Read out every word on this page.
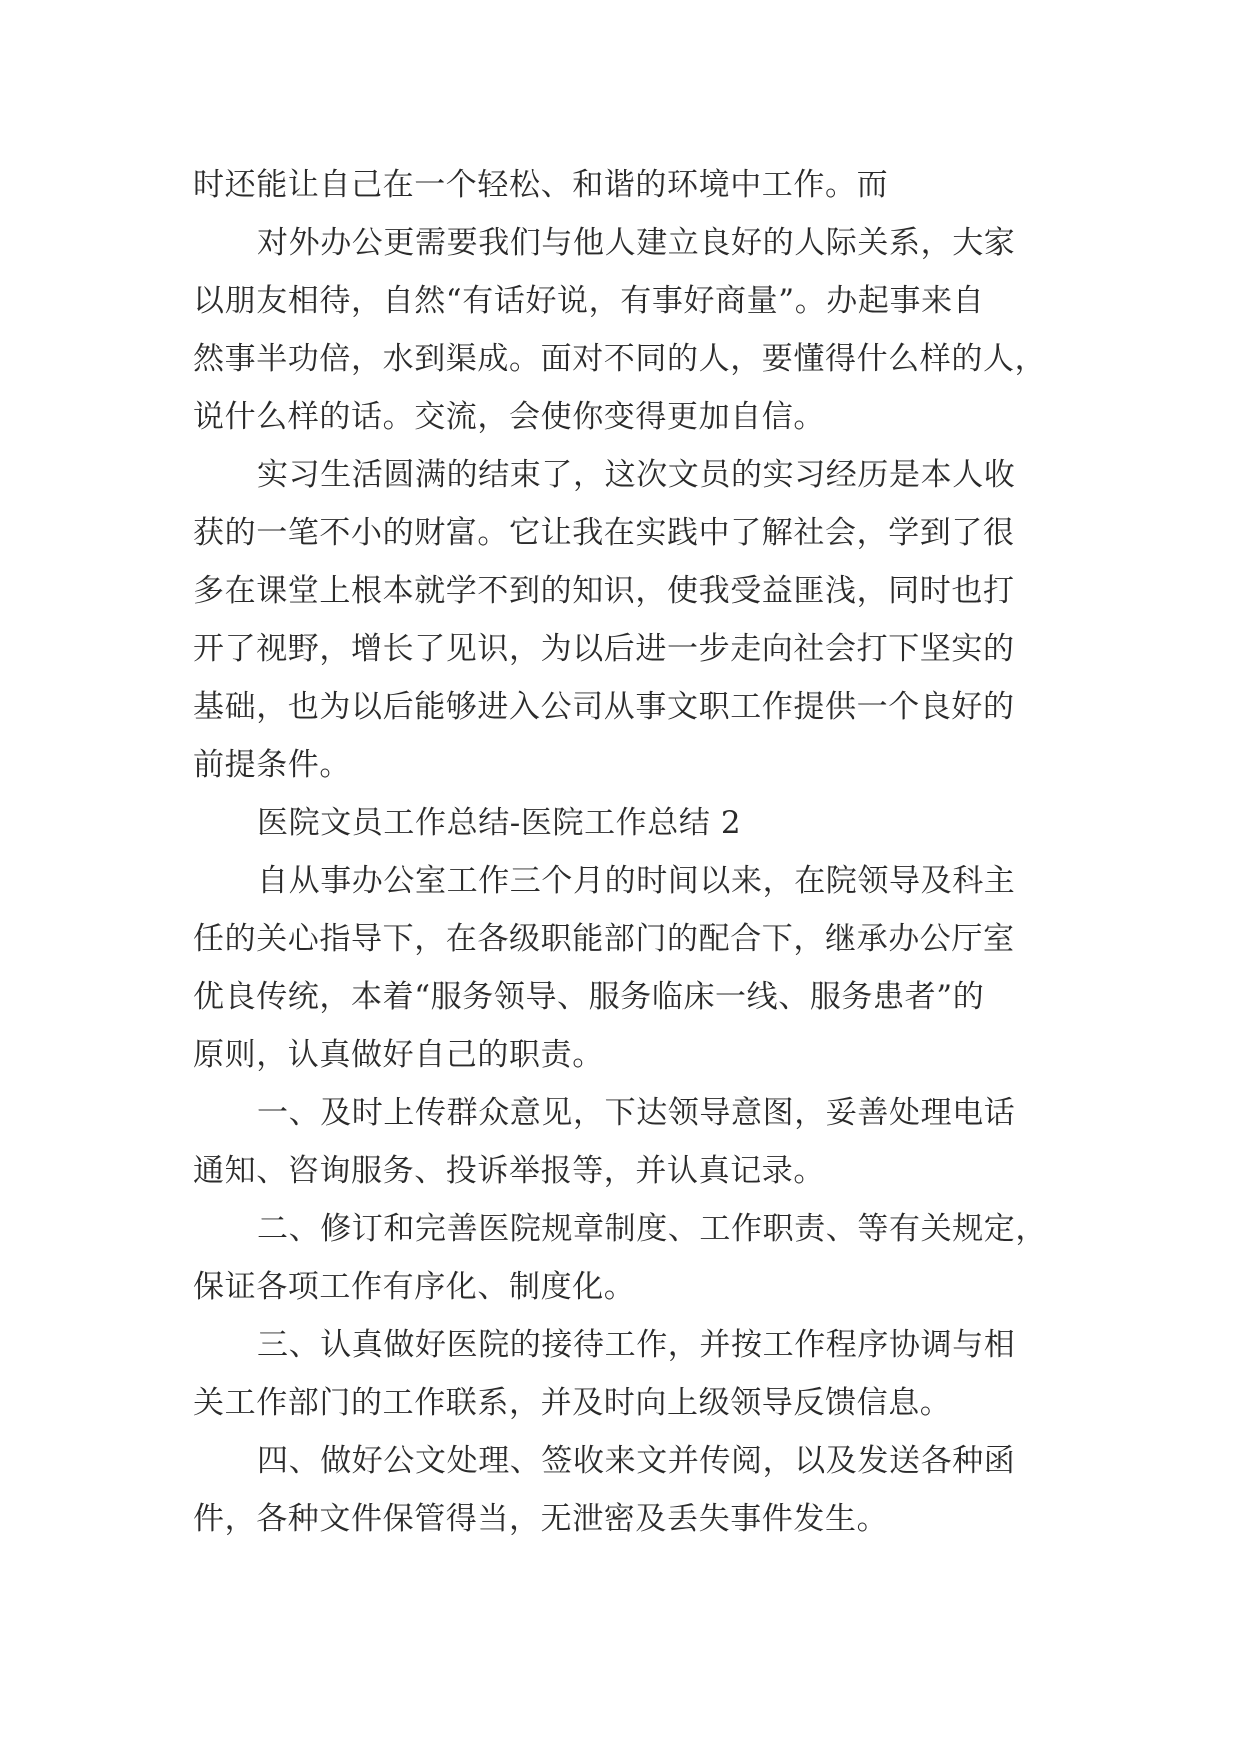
时还能让自己在一个轻松、和谐的环境中工作。而
对外办公更需要我们与他人建立良好的人际关系，大家
以朋友相待，自然“有话好说，有事好商量”。办起事来自
然事半功倍，水到渠成。面对不同的人，要懂得什么样的人，
说什么样的话。交流，会使你变得更加自信。
实习生活圆满的结束了，这次文员的实习经历是本人收
获的一笔不小的财富。它让我在实践中了解社会，学到了很
多在课堂上根本就学不到的知识，使我受益匪浅，同时也打
开了视野，增长了见识，为以后进一步走向社会打下坚实的
基础，也为以后能够进入公司从事文职工作提供一个良好的
前提条件。
医院文员工作总结-医院工作总结 2
自从事办公室工作三个月的时间以来，在院领导及科主
任的关心指导下，在各级职能部门的配合下，继承办公厅室
优良传统，本着“服务领导、服务临床一线、服务患者”的
原则，认真做好自己的职责。
一、及时上传群众意见，下达领导意图，妥善处理电话
通知、咨询服务、投诉举报等，并认真记录。
二、修订和完善医院规章制度、工作职责、等有关规定，
保证各项工作有序化、制度化。
三、认真做好医院的接待工作，并按工作程序协调与相
关工作部门的工作联系，并及时向上级领导反馈信息。
四、做好公文处理、签收来文并传阅，以及发送各种函
件，各种文件保管得当，无泄密及丢失事件发生。
